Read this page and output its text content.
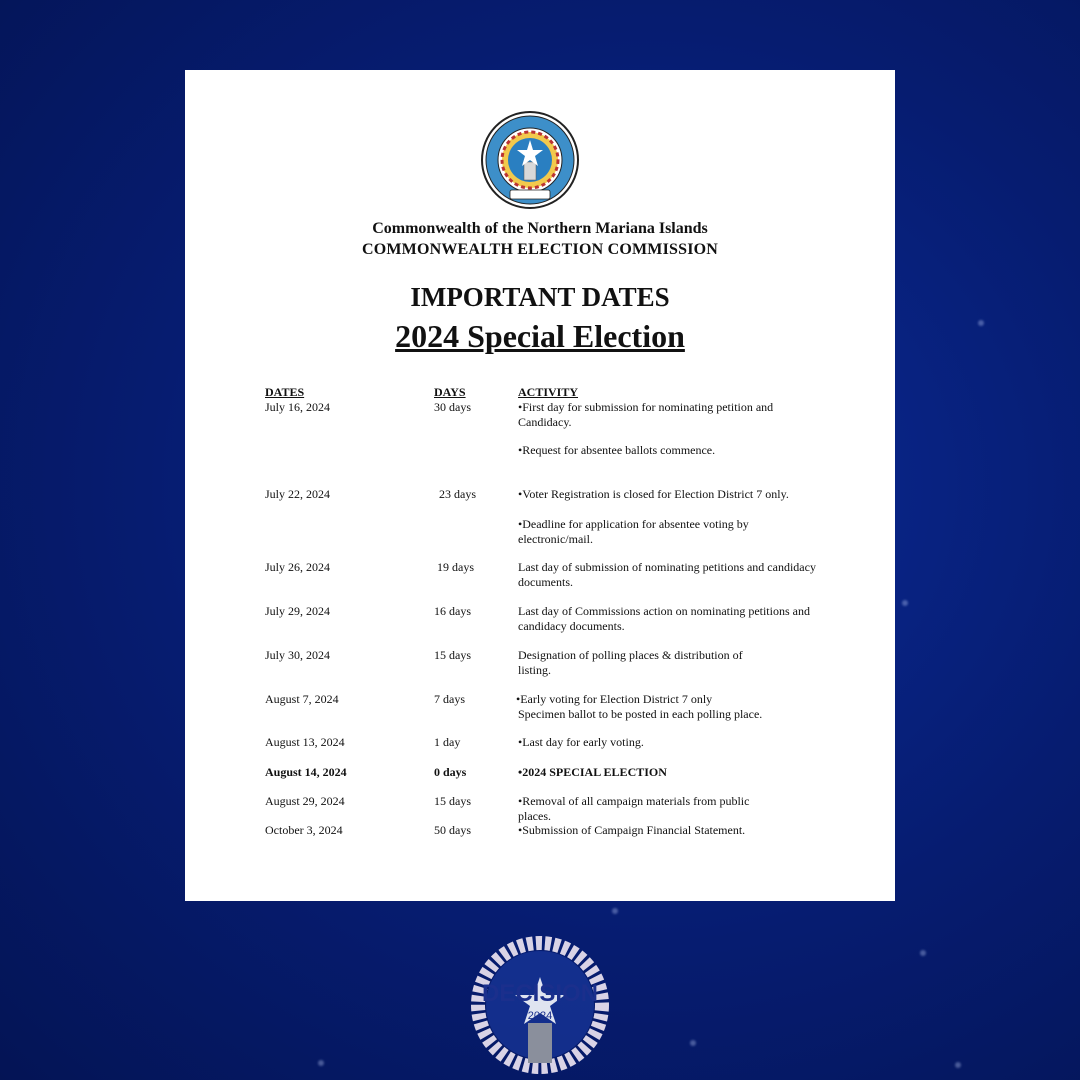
Commonwealth of the Northern Mariana Islands
COMMONWEALTH ELECTION COMMISSION
IMPORTANT DATES
2024 Special Election
DATES	DAYS	ACTIVITY
July 16, 2024	30 days	•First day for submission for nominating petition and Candidacy.
•Request for absentee ballots commence.
July 22, 2024	23 days	•Voter Registration is closed for Election District 7 only.
•Deadline for application for absentee voting by electronic/mail.
July 26, 2024	19 days	Last day of submission of nominating petitions and candidacy documents.
July 29, 2024	16 days	Last day of Commissions action on nominating petitions and candidacy documents.
July 30, 2024	15 days	Designation of polling places & distribution of listing.
August 7, 2024	7 days	•Early voting for Election District 7 only
Specimen ballot to be posted in each polling place.
August 13, 2024	1 day	•Last day for early voting.
August 14, 2024	0 days	•2024 SPECIAL ELECTION
August 29, 2024	15 days	•Removal of all campaign materials from public places.
October 3, 2024	50 days	•Submission of Campaign Financial Statement.
DECISION
2024
